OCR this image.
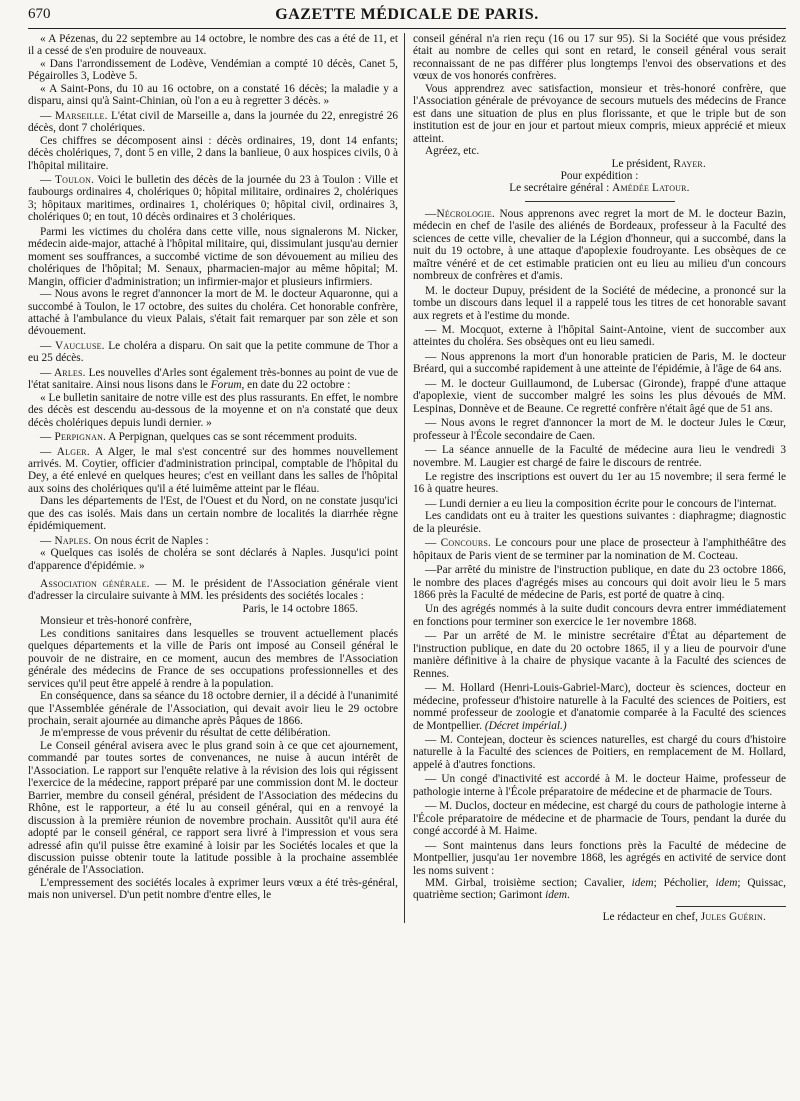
670	GAZETTE MÉDICALE DE PARIS.

« A Pézenas, du 22 septembre au 14 octobre, le nombre des cas a été de 11, et il a cessé de s'en produire de nouveaux.

« Dans l'arrondissement de Lodève, Vendémian a compté 10 décès, Canet 5, Pégairolles 3, Lodève 5.

« A Saint-Pons, du 10 au 16 octobre, on a constaté 16 décès; la maladie y a disparu, ainsi qu'à Saint-Chinian, où l'on a eu à regretter 3 décès. »

— Marseille. L'état civil de Marseille a, dans la journée du 22, enregistré 26 décès, dont 7 cholériques.

Ces chiffres se décomposent ainsi : décès ordinaires, 19, dont 14 enfants; décès cholériques, 7, dont 5 en ville, 2 dans la banlieue, 0 aux hospices civils, 0 à l'hôpital militaire.

— Toulon. Voici le bulletin des décès de la journée du 23 à Toulon : Ville et faubourgs ordinaires 4, cholériques 0; hôpital militaire, ordinaires 2, cholériques 3; hôpitaux maritimes, ordinaires 1, cholériques 0; hôpital civil, ordinaires 3, cholériques 0; en tout, 10 décès ordinaires et 3 cholériques.

Parmi les victimes du choléra dans cette ville, nous signalerons M. Nicker, médecin aide-major, attaché à l'hôpital militaire, qui, dissimulant jusqu'au dernier moment ses souffrances, a succombé victime de son dévouement au milieu des cholériques de l'hôpital; M. Senaux, pharmacien-major au même hôpital; M. Mangin, officier d'administration; un infirmier-major et plusieurs infirmiers.

— Nous avons le regret d'annoncer la mort de M. le docteur Aquaronne, qui a succombé à Toulon, le 17 octobre, des suites du choléra. Cet honorable confrère, attaché à l'ambulance du vieux Palais, s'était fait remarquer par son zèle et son dévouement.

— Vaucluse. Le choléra a disparu. On sait que la petite commune de Thor a eu 25 décès.

— Arles. Les nouvelles d'Arles sont également très-bonnes au point de vue de l'état sanitaire. Ainsi nous lisons dans le Forum, en date du 22 octobre :

« Le bulletin sanitaire de notre ville est des plus rassurants. En effet, le nombre des décès est descendu au-dessous de la moyenne et on n'a constaté que deux décès cholériques depuis lundi dernier. »

— Perpignan. A Perpignan, quelques cas se sont récemment produits.

— Alger. A Alger, le mal s'est concentré sur des hommes nouvellement arrivés. M. Coytier, officier d'administration principal, comptable de l'hôpital du Dey, a été enlevé en quelques heures; c'est en veillant dans les salles de l'hôpital aux soins des cholériques qu'il a été luimême atteint par le fléau.

Dans les départements de l'Est, de l'Ouest et du Nord, on ne constate jusqu'ici que des cas isolés. Mais dans un certain nombre de localités la diarrhée règne épidémiquement.

— Naples. On nous écrit de Naples :

« Quelques cas isolés de choléra se sont déclarés à Naples. Jusqu'ici point d'apparence d'épidémie. »

Association générale. — M. le président de l'Association générale vient d'adresser la circulaire suivante à MM. les présidents des sociétés locales :

Paris, le 14 octobre 1865.

Monsieur et très-honoré confrère,

Les conditions sanitaires dans lesquelles se trouvent actuellement placés quelques départements et la ville de Paris ont imposé au Conseil général le pouvoir de ne distraire, en ce moment, aucun des membres de l'Association générale des médecins de France de ses occupations professionnelles et des services qu'il peut être appelé à rendre à la population.

En conséquence, dans sa séance du 18 octobre dernier, il a décidé à l'unanimité que l'Assemblée générale de l'Association, qui devait avoir lieu le 29 octobre prochain, serait ajournée au dimanche après Pâques de 1866.

Je m'empresse de vous prévenir du résultat de cette délibération.

Le Conseil général avisera avec le plus grand soin à ce que cet ajournement, commandé par toutes sortes de convenances, ne nuise à aucun intérêt de l'Association. Le rapport sur l'enquête relative à la révision des lois qui régissent l'exercice de la médecine, rapport préparé par une commission dont M. le docteur Barrier, membre du conseil général, président de l'Association des médecins du Rhône, est le rapporteur, a été lu au conseil général, qui en a renvoyé la discussion à la première réunion de novembre prochain. Aussitôt qu'il aura été adopté par le conseil général, ce rapport sera livré à l'impression et vous sera adressé afin qu'il puisse être examiné à loisir par les Sociétés locales et que la discussion puisse obtenir toute la latitude possible à la prochaine assemblée générale de l'Association.

L'empressement des sociétés locales à exprimer leurs vœux a été très-général, mais non universel. D'un petit nombre d'entre elles, le

conseil général n'a rien reçu (16 ou 17 sur 95). Si la Société que vous présidez était au nombre de celles qui sont en retard, le conseil général vous serait reconnaissant de ne pas différer plus longtemps l'envoi des observations et des vœux de vos honorés confrères.

Vous apprendrez avec satisfaction, monsieur et très-honoré confrère, que l'Association générale de prévoyance de secours mutuels des médecins de France est dans une situation de plus en plus florissante, et que le triple but de son institution est de jour en jour et partout mieux compris, mieux apprécié et mieux atteint.

Agréez, etc.

Le président, Rayer.

Pour expédition :

Le secrétaire général : Amédée Latour.

—Nécrologie. Nous apprenons avec regret la mort de M. le docteur Bazin, médecin en chef de l'asile des aliénés de Bordeaux, professeur à la Faculté des sciences de cette ville, chevalier de la Légion d'honneur, qui a succombé, dans la nuit du 19 octobre, à une attaque d'apoplexie foudroyante. Les obsèques de ce maître vénéré et de cet estimable praticien ont eu lieu au milieu d'un concours nombreux de confrères et d'amis.

M. le docteur Dupuy, président de la Société de médecine, a prononcé sur la tombe un discours dans lequel il a rappelé tous les titres de cet honorable savant aux regrets et à l'estime du monde.

— M. Mocquot, externe à l'hôpital Saint-Antoine, vient de succomber aux atteintes du choléra. Ses obsèques ont eu lieu samedi.

— Nous apprenons la mort d'un honorable praticien de Paris, M. le docteur Bréard, qui a succombé rapidement à une atteinte de l'épidémie, à l'âge de 64 ans.

— M. le docteur Guillaumond, de Lubersac (Gironde), frappé d'une attaque d'apoplexie, vient de succomber malgré les soins les plus dévoués de MM. Lespinas, Donnève et de Beaune. Ce regretté confrère n'était âgé que de 51 ans.

— Nous avons le regret d'annoncer la mort de M. le docteur Jules le Cœur, professeur à l'École secondaire de Caen.

— La séance annuelle de la Faculté de médecine aura lieu le vendredi 3 novembre. M. Laugier est chargé de faire le discours de rentrée.

Le registre des inscriptions est ouvert du 1er au 15 novembre; il sera fermé le 16 à quatre heures.

— Lundi dernier a eu lieu la composition écrite pour le concours de l'internat.

Les candidats ont eu à traiter les questions suivantes : diaphragme; diagnostic de la pleurésie.

— Concours. Le concours pour une place de prosecteur à l'amphithéâtre des hôpitaux de Paris vient de se terminer par la nomination de M. Cocteau.

—Par arrêté du ministre de l'instruction publique, en date du 23 octobre 1866, le nombre des places d'agrégés mises au concours qui doit avoir lieu le 5 mars 1866 près la Faculté de médecine de Paris, est porté de quatre à cinq.

Un des agrégés nommés à la suite dudit concours devra entrer immédiatement en fonctions pour terminer son exercice le 1er novembre 1868.

— Par un arrêté de M. le ministre secrétaire d'État au département de l'instruction publique, en date du 20 octobre 1865, il y a lieu de pourvoir d'une manière définitive à la chaire de physique vacante à la Faculté des sciences de Rennes.

— M. Hollard (Henri-Louis-Gabriel-Marc), docteur ès sciences, docteur en médecine, professeur d'histoire naturelle à la Faculté des sciences de Poitiers, est nommé professeur de zoologie et d'anatomie comparée à la Faculté des sciences de Montpellier. (Décret impérial.)

— M. Contejean, docteur ès sciences naturelles, est chargé du cours d'histoire naturelle à la Faculté des sciences de Poitiers, en remplacement de M. Hollard, appelé à d'autres fonctions.

— Un congé d'inactivité est accordé à M. le docteur Haime, professeur de pathologie interne à l'École préparatoire de médecine et de pharmacie de Tours.

— M. Duclos, docteur en médecine, est chargé du cours de pathologie interne à l'École préparatoire de médecine et de pharmacie de Tours, pendant la durée du congé accordé à M. Haime.

— Sont maintenus dans leurs fonctions près la Faculté de médecine de Montpellier, jusqu'au 1er novembre 1868, les agrégés en activité de service dont les noms suivent :

MM. Girbal, troisième section; Cavalier, idem; Pécholier, idem; Quissac, quatrième section; Garimont idem.

Le rédacteur en chef, Jules Guérin.
